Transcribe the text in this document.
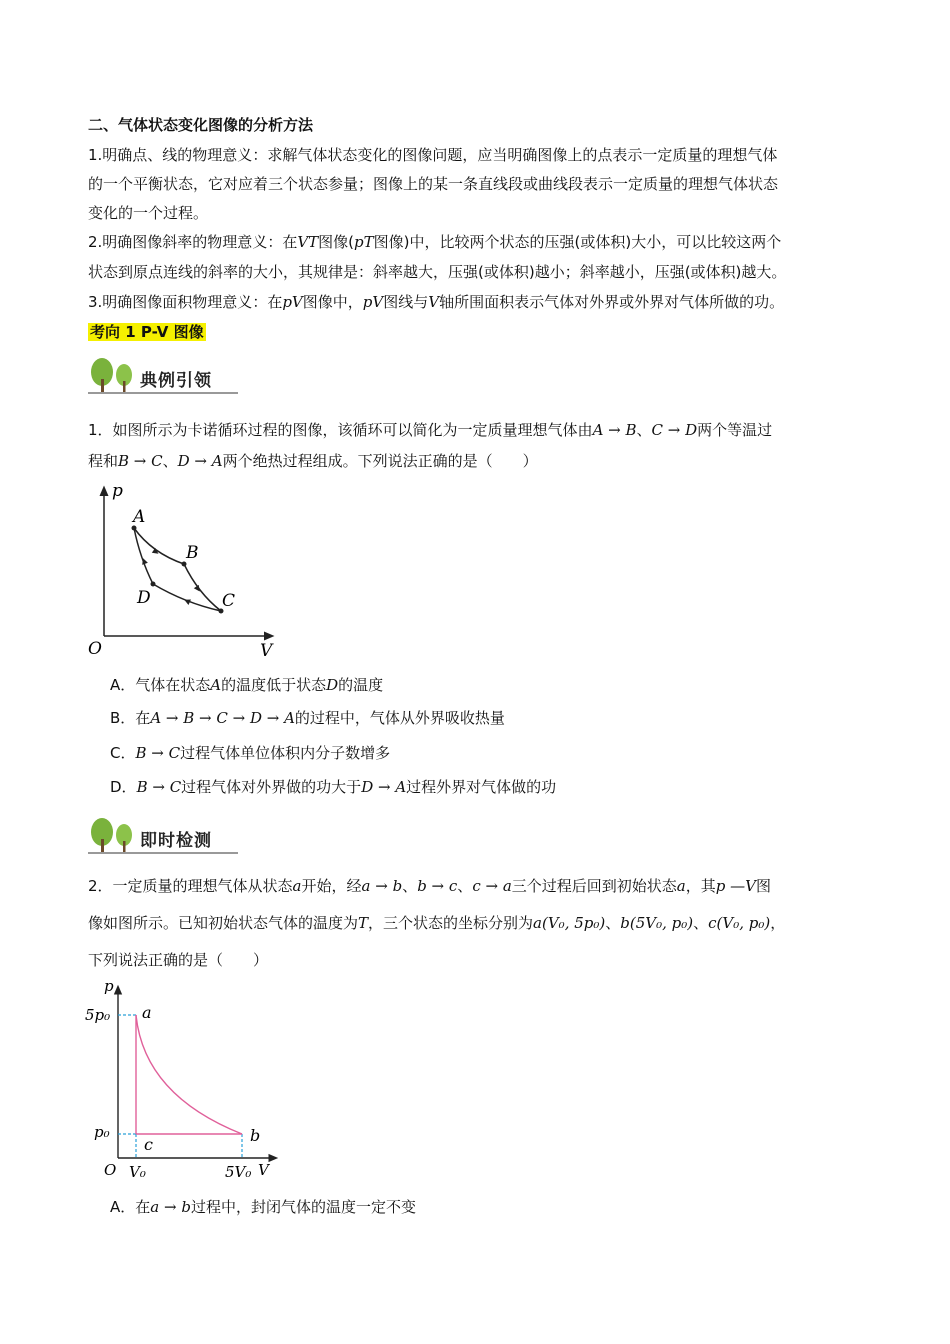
二、气体状态变化图像的分析方法
1.明确点、线的物理意义：求解气体状态变化的图像问题，应当明确图像上的点表示一定质量的理想气体
的一个平衡状态，它对应着三个状态参量；图像上的某一条直线段或曲线段表示一定质量的理想气体状态
变化的一个过程。
2.明确图像斜率的物理意义：在VT图像(pT图像)中，比较两个状态的压强(或体积)大小，可以比较这两个
状态到原点连线的斜率的大小，其规律是：斜率越大，压强(或体积)越小；斜率越小，压强(或体积)越大。
3.明确图像面积物理意义：在pV图像中，pV图线与V轴所围面积表示气体对外界或外界对气体所做的功。
考向 1 P-V 图像
典例引领
1．如图所示为卡诺循环过程的图像，该循环可以简化为一定质量理想气体由A → B、C → D两个等温过
程和B → C、D → A两个绝热过程组成。下列说法正确的是（　　）
p
V
O
A
B
C
D
A．气体在状态A的温度低于状态D的温度
B．在A → B → C → D → A的过程中，气体从外界吸收热量
C．B → C过程气体单位体积内分子数增多
D．B → C过程气体对外界做的功大于D → A过程外界对气体做的功
即时检测
2．一定质量的理想气体从状态a开始，经a → b、b → c、c → a三个过程后回到初始状态a，其p —V图
像如图所示。已知初始状态气体的温度为T，三个状态的坐标分别为a(V₀, 5p₀)、b(5V₀, p₀)、c(V₀, p₀)，
下列说法正确的是（　　）
p
V
O
5p₀
p₀
V₀	5V₀
a
b
c
A．在a → b过程中，封闭气体的温度一定不变
